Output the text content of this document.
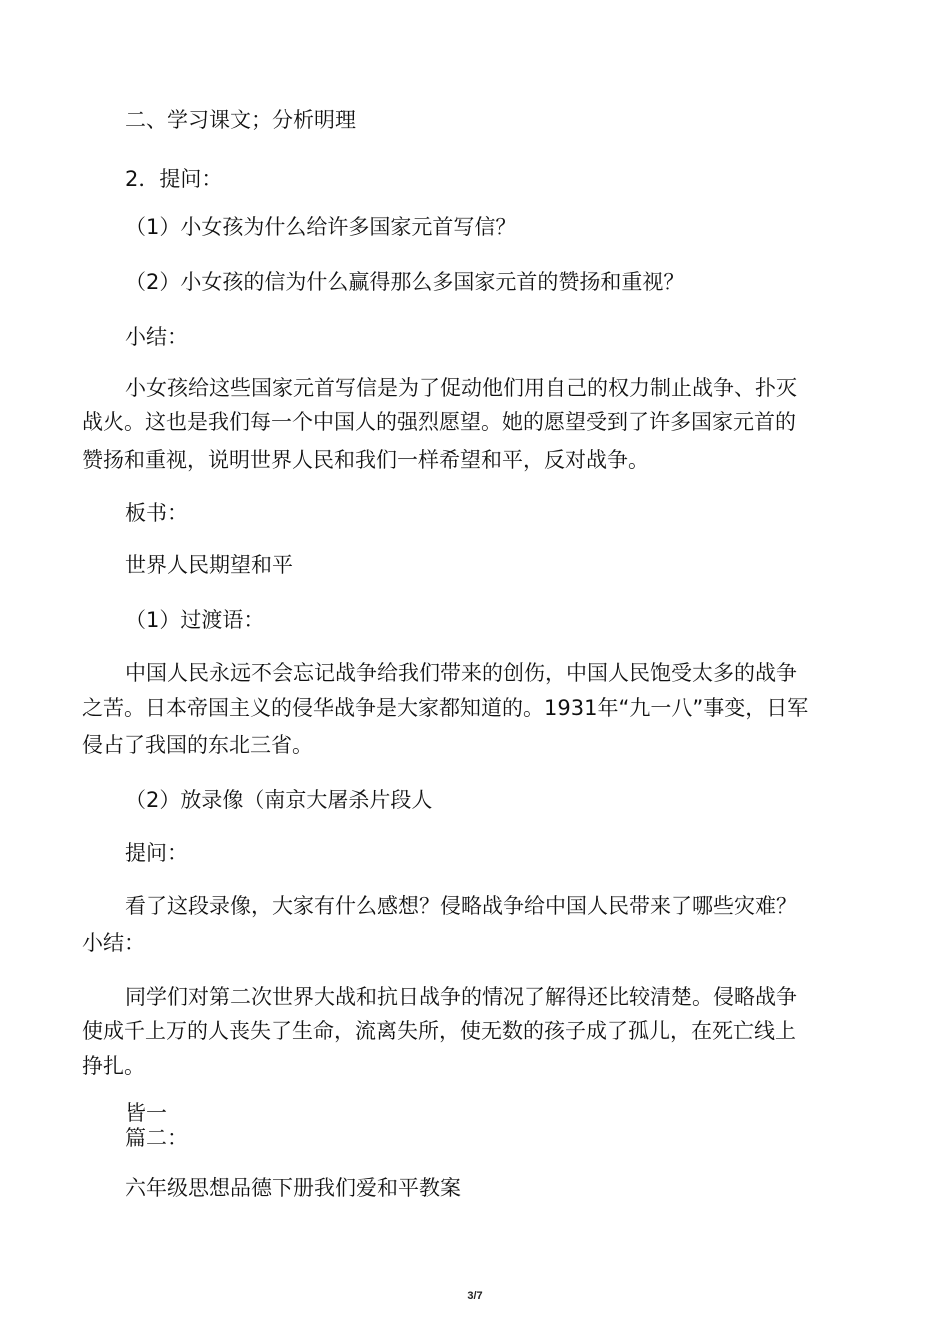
二、学习课文；分析明理
2．提问：
（1）小女孩为什么给许多国家元首写信？
（2）小女孩的信为什么赢得那么多国家元首的赞扬和重视？
小结：
小女孩给这些国家元首写信是为了促动他们用自己的权力制止战争、扑灭
战火。这也是我们每一个中国人的强烈愿望。她的愿望受到了许多国家元首的
赞扬和重视，说明世界人民和我们一样希望和平，反对战争。
板书：
世界人民期望和平
（1）过渡语：
中国人民永远不会忘记战争给我们带来的创伤，中国人民饱受太多的战争
之苦。日本帝国主义的侵华战争是大家都知道的。1931年“九一八”事变，日军
侵占了我国的东北三省。
（2）放录像（南京大屠杀片段人
提问：
看了这段录像，大家有什么感想？侵略战争给中国人民带来了哪些灾难？
小结：
同学们对第二次世界大战和抗日战争的情况了解得还比较清楚。侵略战争
使成千上万的人丧失了生命，流离失所，使无数的孩子成了孤儿，在死亡线上
挣扎。
皆一
篇二：
六年级思想品德下册我们爱和平教案
3/7
